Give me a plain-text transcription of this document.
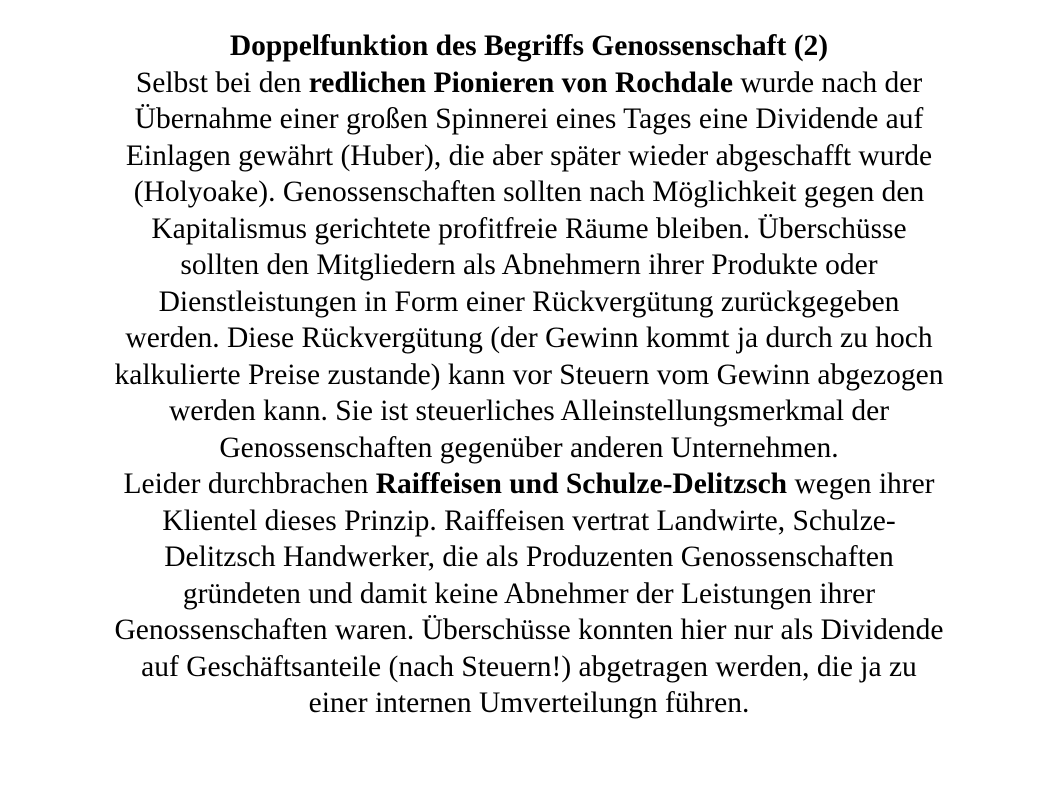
Doppelfunktion des Begriffs Genossenschaft (2)
Selbst bei den redlichen Pionieren von Rochdale wurde nach der
Übernahme einer großen Spinnerei eines Tages eine Dividende auf
Einlagen gewährt (Huber), die aber später wieder abgeschafft wurde
(Holyoake). Genossenschaften sollten nach Möglichkeit gegen den
Kapitalismus gerichtete profitfreie Räume bleiben. Überschüsse
sollten den Mitgliedern als Abnehmern ihrer Produkte oder
Dienstleistungen in Form einer Rückvergütung zurückgegeben
werden. Diese Rückvergütung (der Gewinn kommt ja durch zu hoch
kalkulierte Preise zustande) kann vor Steuern vom Gewinn abgezogen
werden kann. Sie ist steuerliches Alleinstellungsmerkmal der
Genossenschaften gegenüber anderen Unternehmen.
Leider durchbrachen Raiffeisen und Schulze-Delitzsch wegen ihrer
Klientel dieses Prinzip. Raiffeisen vertrat Landwirte, Schulze-
Delitzsch Handwerker, die als Produzenten Genossenschaften
gründeten und damit keine Abnehmer der Leistungen ihrer
Genossenschaften waren. Überschüsse konnten hier nur als Dividende
auf Geschäftsanteile (nach Steuern!) abgetragen werden, die ja zu
einer internen Umverteilungn führen.
